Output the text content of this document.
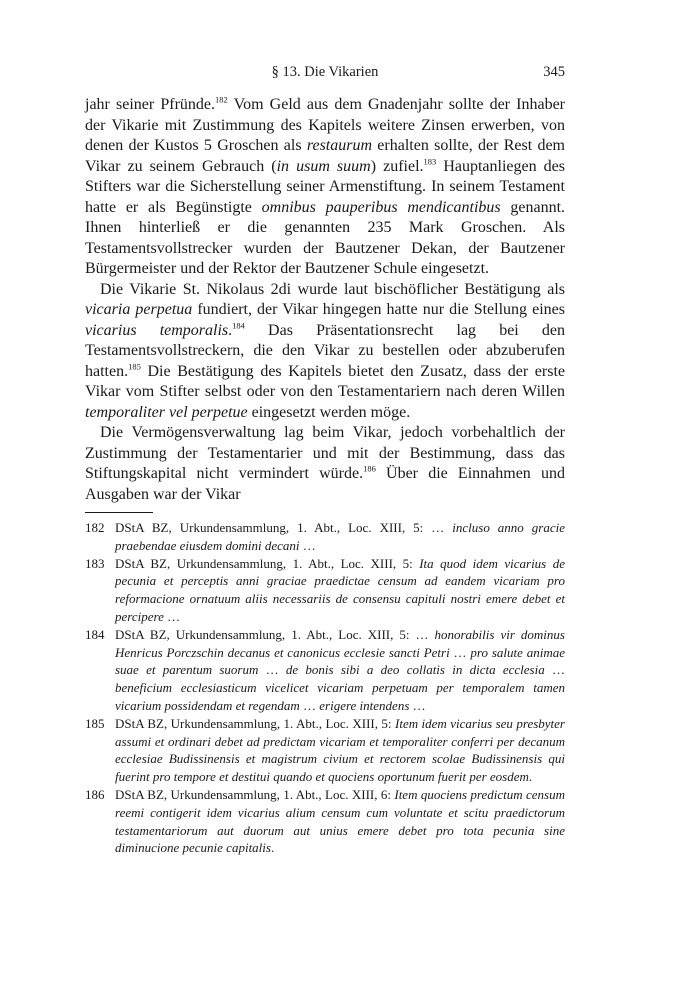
§ 13. Die Vikarien	345

jahr seiner Pfründe.$^{182}$ Vom Geld aus dem Gnadenjahr sollte der Inhaber der Vikarie mit Zustimmung des Kapitels weitere Zinsen erwerben, von denen der Kustos 5 Groschen als restaurum erhalten sollte, der Rest dem Vikar zu seinem Gebrauch (in usum suum) zufiel.$^{183}$ Hauptanliegen des Stifters war die Sicherstellung seiner Armenstiftung. In seinem Testament hatte er als Begünstigte omnibus pauperibus mendicantibus genannt. Ihnen hinterließ er die genannten 235 Mark Groschen. Als Testamentsvollstrecker wurden der Bautzener Dekan, der Bautzener Bürgermeister und der Rektor der Bautzener Schule eingesetzt.

Die Vikarie St. Nikolaus 2di wurde laut bischöflicher Bestätigung als vicaria perpetua fundiert, der Vikar hingegen hatte nur die Stellung eines vicarius temporalis.$^{184}$ Das Präsentationsrecht lag bei den Testamentsvollstreckern, die den Vikar zu bestellen oder abzuberufen hatten.$^{185}$ Die Bestätigung des Kapitels bietet den Zusatz, dass der erste Vikar vom Stifter selbst oder von den Testamentariern nach deren Willen temporaliter vel perpetue eingesetzt werden möge.

Die Vermögensverwaltung lag beim Vikar, jedoch vorbehaltlich der Zustimmung der Testamentarier und mit der Bestimmung, dass das Stiftungskapital nicht vermindert würde.$^{186}$ Über die Einnahmen und Ausgaben war der Vikar

182 DStA BZ, Urkundensammlung, 1. Abt., Loc. XIII, 5: … incluso anno gracie praebendae eiusdem domini decani …
183 DStA BZ, Urkundensammlung, 1. Abt., Loc. XIII, 5: Ita quod idem vicarius de pecunia et perceptis anni graciae praedictae censum ad eandem vicariam pro reformacione ornatuum aliis necessariis de consensu capituli nostri emere debet et percipere …
184 DStA BZ, Urkundensammlung, 1. Abt., Loc. XIII, 5: … honorabilis vir dominus Henricus Porczschin decanus et canonicus ecclesie sancti Petri … pro salute animae suae et parentum suorum … de bonis sibi a deo collatis in dicta ecclesia … beneficium ecclesiasticum vicelicet vicariam perpetuam per temporalem tamen vicarium possidendam et regendam … erigere intendens …
185 DStA BZ, Urkundensammlung, 1. Abt., Loc. XIII, 5: Item idem vicarius seu presbyter assumi et ordinari debet ad predictam vicariam et temporaliter conferri per decanum ecclesiae Budissinensis et magistrum civium et rectorem scolae Budissinensis qui fuerint pro tempore et destitui quando et quociens oportunum fuerit per eosdem.
186 DStA BZ, Urkundensammlung, 1. Abt., Loc. XIII, 6: Item quociens predictum censum reemi contigerit idem vicarius alium censum cum voluntate et scitu praedictorum testamentariorum aut duorum aut unius emere debet pro tota pecunia sine diminucione pecunie capitalis.
